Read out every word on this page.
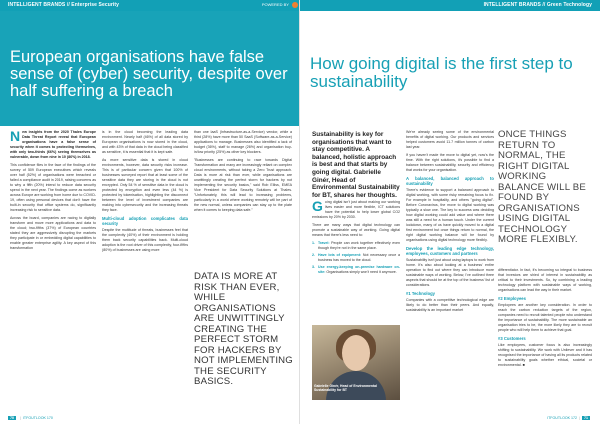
INTELLIGENT BRANDS // Enterprise Security	POWERED BY
European organisations have false sense of (cyber) security, despite over half suffering a breach

New insights from the 2020 Thales Europe Data Threat Report reveal that European organisations have a false sense of security when it comes to protecting themselves, with only two-thirds (66%) seeing themselves as vulnerable, down from nine in 10 (86%) in 2018.

This confidence flies in the face of the findings of the survey of 509 European executives which reveals over half (52%) of organisations were breached or failed a compliance audit in 2019, raising concerns as to why a fifth (20%) intend to reduce data security spend in the next year. The findings come as workers across Europe are working from home due to COVID-19, often using personal devices that don't have the built-in security that office systems do, significantly increasing risk to sensitive data.

Across the board, companies are racing to digitally transform and move more applications and data to the cloud; two-fifths (37%) of European countries stated they are aggressively disrupting the markets they participate in or embedding digital capabilities to enable greater enterprise agility. A key aspect of this transformation

is in the cloud becoming the leading data environment. Nearly half (46%) of all data stored by European organisations is now stored in the cloud, and with 43% of that data in the cloud being classified as sensitive, it is essential that it is kept safe.

As more sensitive data is stored in cloud environments, however, data security risks increase. This is of particular concern given that 100% of businesses surveyed report that at least some of the sensitive data they are storing in the cloud is not encrypted. Only 54 % of sensitive data in the cloud is protected by encryption and even less (44 %) is protected by tokenisation, highlighting the disconnect between the level of investment companies are making into cybersecurity and the increasing threats they face.

Multi-cloud adoption complicates data security

Despite the multitude of threats, businesses feel that the complexity (40%) of their environment is holding them back security capabilities back. Multi-cloud adoption is the root driver of this complexity, four-fifths (80%) of businesses are using more

than one IaaS (Infrastructure-as-a-Service) vendor, while a third (28%) have more than 50 SaaS (Software-as-a-Service) applications to manage. Businesses also identified a lack of budget (36%), staff to manage (26%) and organisation buy-in/low priority (25%) as other key blockers.

"Businesses are continuing to race towards Digital Transformation and many are increasingly reliant on complex cloud environments, without taking a Zero Trust approach. Data is more at risk than ever, while organisations are unwittingly creating the perfect storm for hackers by not implementing the security basics," said Rob Elliss, EMEA Vice President for Data Security Solutions at Thales. "Unfortunately, this will lead to increasing problems, particularly in a world where working remotely will be part of the new normal, unless companies can stay up to the plate when it comes to keeping data safe."

DATA IS MORE AT RISK THAN EVER, WHILE ORGANISATIONS ARE UNWITTINGLY CREATING THE PERFECT STORM FOR HACKERS BY NOT IMPLEMENTING THE SECURITY BASICS.
70 | ITFOUTLOOK 170
INTELLIGENT BRANDS // Green Technology
How going digital is the first step to sustainability
Sustainability is key for organisations that want to stay competitive. A balanced, holistic approach is best and that starts by going digital. Gabrielle Ginér, Head of Environmental Sustainability for BT, shares her thoughts.

Going digital isn't just about making our working lives easier and more flexible, ICT solutions have the potential to help lower global CO2 emissions by 20% by 2030.

There are many ways that digital technology can promote a sustainable way of working. Going digital means that there's less need to:

1. Travel: People can work together effectively even though they're not in the same place.
2. Have lots of equipment: Not necessary once a business has moved to the cloud.
3. Use energy-keeping on-premise hardware on-site: Organisations simply won't need it anymore.
Gabrielle Ginér, Head of Environmental Sustainability for BT

We're already seeing some of the environmental benefits of digital working. Our products and services helped customers avoid 11.7 million tonnes of carbon last year.

If you haven't made the move to digital yet, now's the time. With the right solutions, it's possible to find a balance between sustainability, security and efficiency that works for your organisation.

A balanced, balanced approach to sustainability

There's evidence to support a balanced approach to digital working, with some risky remaining focus to fix. For example in hospitality, and others "going digital". Before Coronavirus, the move to digital working was typically a slow one. The key to success was deciding how digital working could add value and where there was still a need for a human touch. Under the current lockdown, many of us have quickly moved to a digital first environment but once things return to normal, the right digital working balance will be found by organisations using digital technology more flexibly.

Develop the leading edge technology, employees, customers and partners

Sustainability isn't just about using laptops to work from home. It's also about looking at a business' entire operation to find out where they can introduce more sustainable ways of working. Below, I've outlined three aspects that should be at the top of the business' list of considerations.

#1 Technology

Companies with a competitive technological edge are likely to do better than their peers. And equally, sustainability is an important market

ONCE THINGS RETURN TO NORMAL, THE RIGHT DIGITAL WORKING BALANCE WILL BE FOUND BY ORGANISATIONS USING DIGITAL TECHNOLOGY MORE FLEXIBLY.

differentiator. In fact, it's becoming so integral to business that investors are shied of interest in sustainability as critical to their investments. So, by combining a leading technology platform with sustainable ways of working, organisations can lead the way in their market.

#2 Employees

Employees are another key consideration. In order to reach the carbon reduction targets of the region, companies need to recruit talented people who understand the importance of sustainability. The more sustainable an organisation tries to be, the more likely they are to recruit people who will help them to achieve that goal.

#3 Customers

Like employees, customer focus is also increasingly shifting to sustainability. We work with Unilever and it has recognised the importance of having all its products related to sustainability goals whether ethical, societal or environmental. ■

ITFOUTLOOK 172 | 71
